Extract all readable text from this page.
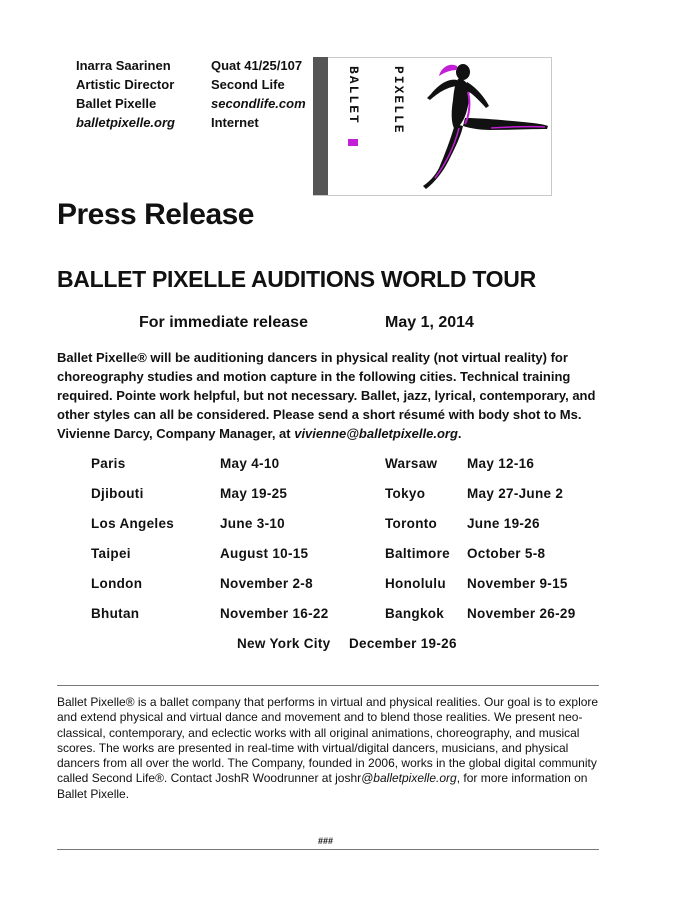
Inarra Saarinen
Artistic Director
Ballet Pixelle
balletpixelle.org
Quat 41/25/107
Second Life
secondlife.com
Internet	BALLET PIXELLE
Press Release
BALLET PIXELLE AUDITIONS WORLD TOUR
For immediate release	May 1, 2014
Ballet Pixelle® will be auditioning dancers in physical reality (not virtual reality) for choreography studies and motion capture in the following cities. Technical training required. Pointe work helpful, but not necessary. Ballet, jazz, lyrical, contemporary, and other styles can all be considered. Please send a short résumé with body shot to Ms. Vivienne Darcy, Company Manager, at vivienne@balletpixelle.org.
Paris	May 4-10	Warsaw May 12-16
Djibouti	May 19-25	Tokyo	May 27-June 2
Los Angeles	June 3-10	Toronto June 19-26
Taipei	August 10-15	Baltimore October 5-8
London	November 2-8	Honolulu November 9-15
Bhutan	November 16-22	Bangkok November 26-29
New York City December 19-26
Ballet Pixelle® is a ballet company that performs in virtual and physical realities. Our goal is to explore and extend physical and virtual dance and movement and to blend those realities. We present neo-classical, contemporary, and eclectic works with all original animations, choreography, and musical scores. The works are presented in real-time with virtual/digital dancers, musicians, and physical dancers from all over the world. The Company, founded in 2006, works in the global digital community called Second Life®. Contact JoshR Woodrunner at joshr@balletpixelle.org, for more information on Ballet Pixelle.
###
